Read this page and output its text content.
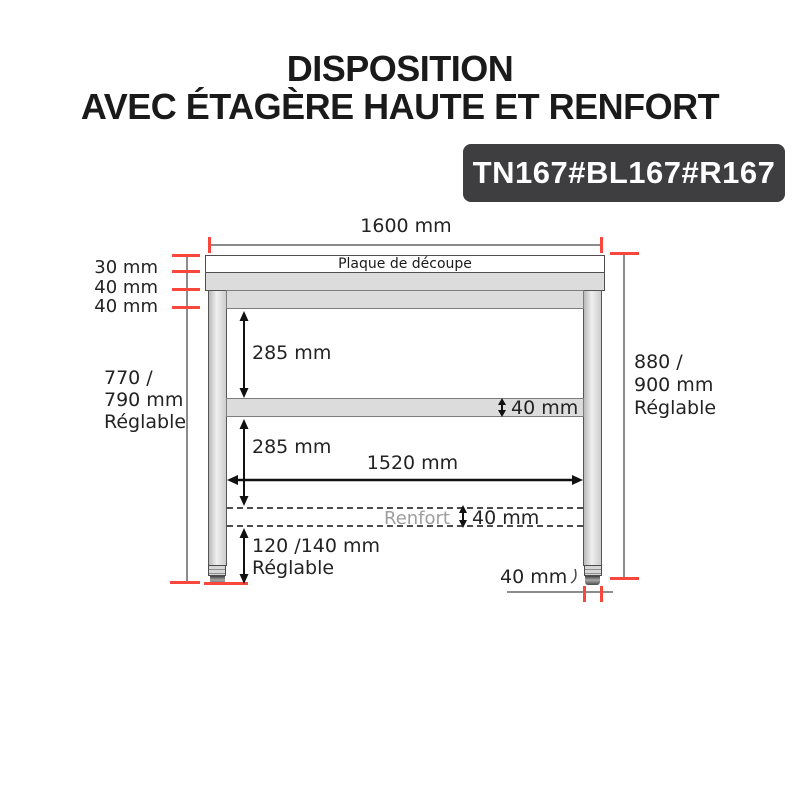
DISPOSITION
AVEC ÉTAGÈRE HAUTE ET RENFORT
TN167#BL167#R167
1600 mm
Plaque de découpe
30 mm
40 mm
40 mm
770 /
790 mm
Réglable
880 /
900 mm
Réglable
285 mm
40 mm
285 mm
1520 mm
Renfort 40 mm
120 /140 mm
Réglable	40 mm
